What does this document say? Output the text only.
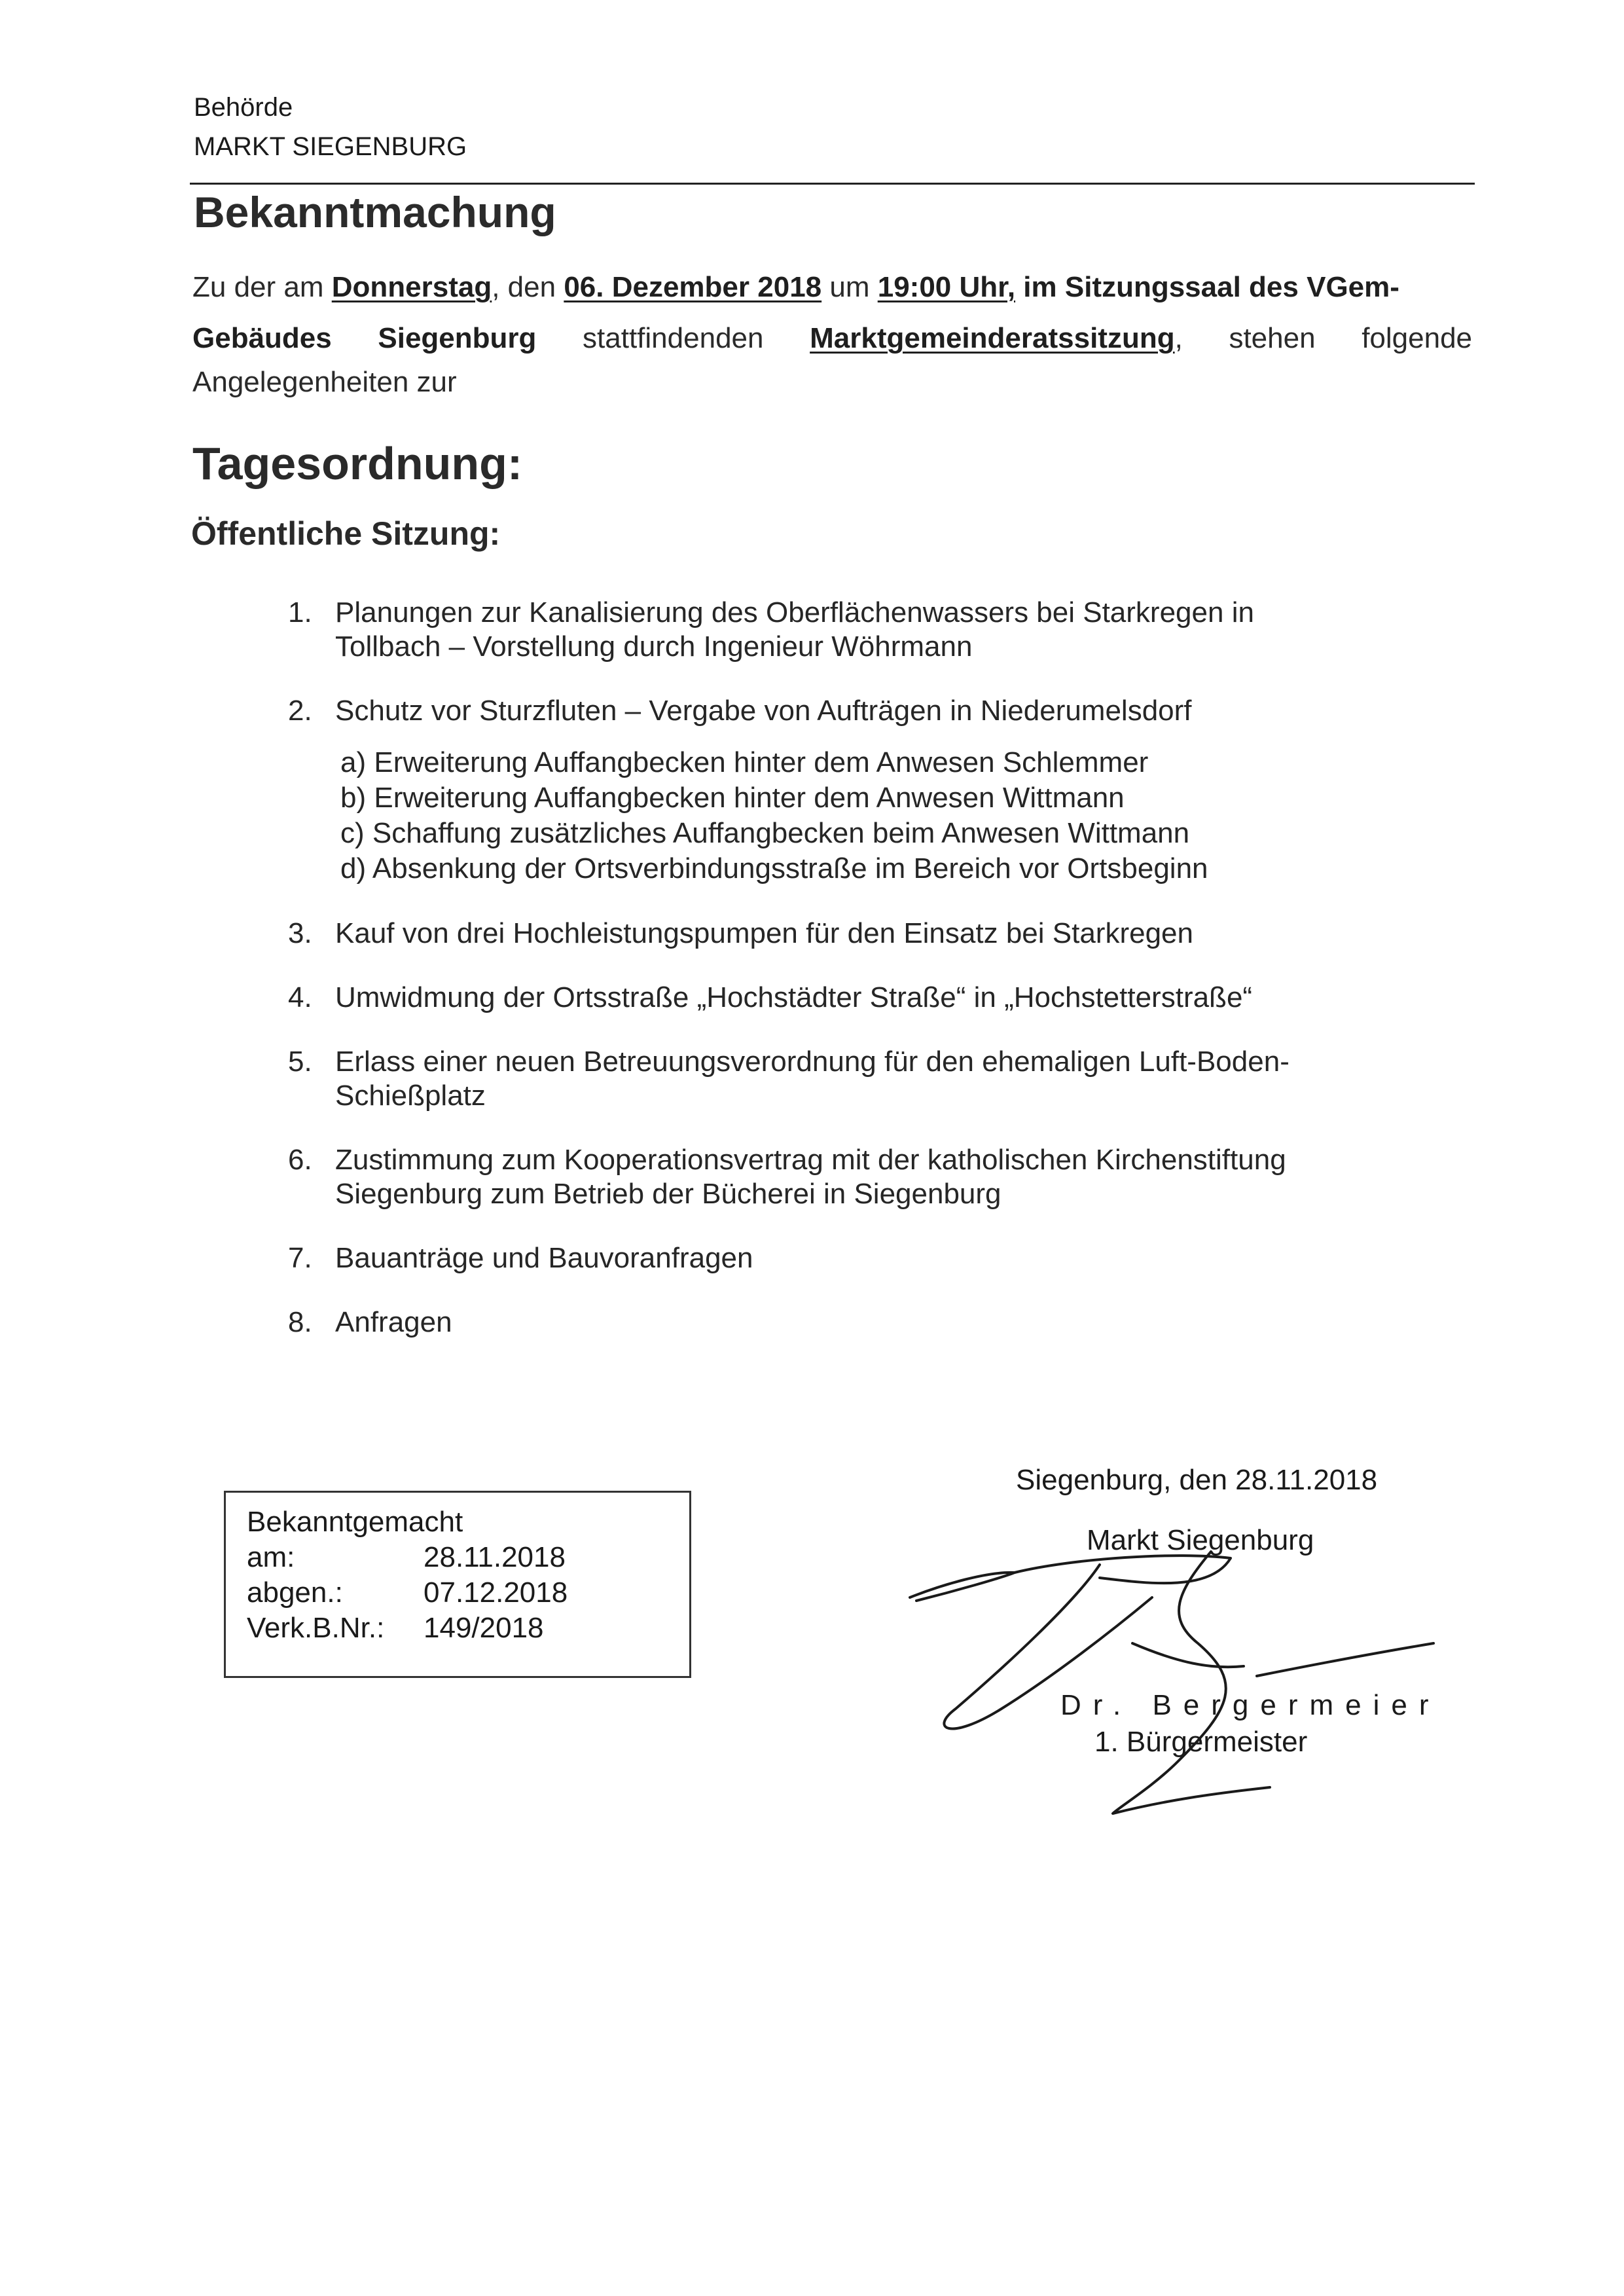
Behörde
MARKT SIEGENBURG
Bekanntmachung
Zu der am Donnerstag, den 06. Dezember 2018 um 19:00 Uhr, im Sitzungssaal des VGem-
Gebäudes Siegenburg stattfindenden Marktgemeinderatssitzung, stehen folgende
Angelegenheiten zur
Tagesordnung:
Öffentliche Sitzung:
1. Planungen zur Kanalisierung des Oberflächenwassers bei Starkregen in Tollbach – Vorstellung durch Ingenieur Wöhrmann
2. Schutz vor Sturzfluten – Vergabe von Aufträgen in Niederumelsdorf
a) Erweiterung Auffangbecken hinter dem Anwesen Schlemmer
b) Erweiterung Auffangbecken hinter dem Anwesen Wittmann
c) Schaffung zusätzliches Auffangbecken beim Anwesen Wittmann
d) Absenkung der Ortsverbindungsstraße im Bereich vor Ortsbeginn
3. Kauf von drei Hochleistungspumpen für den Einsatz bei Starkregen
4. Umwidmung der Ortsstraße „Hochstädter Straße“ in „Hochstetterstraße“
5. Erlass einer neuen Betreuungsverordnung für den ehemaligen Luft-Boden-Schießplatz
6. Zustimmung zum Kooperationsvertrag mit der katholischen Kirchenstiftung Siegenburg zum Betrieb der Bücherei in Siegenburg
7. Bauanträge und Bauvoranfragen
8. Anfragen
Bekanntgemacht
am:	28.11.2018
abgen.:	07.12.2018
Verk.B.Nr.:	149/2018
Siegenburg, den 28.11.2018
Markt Siegenburg
Dr. Bergermeier
1. Bürgermeister
